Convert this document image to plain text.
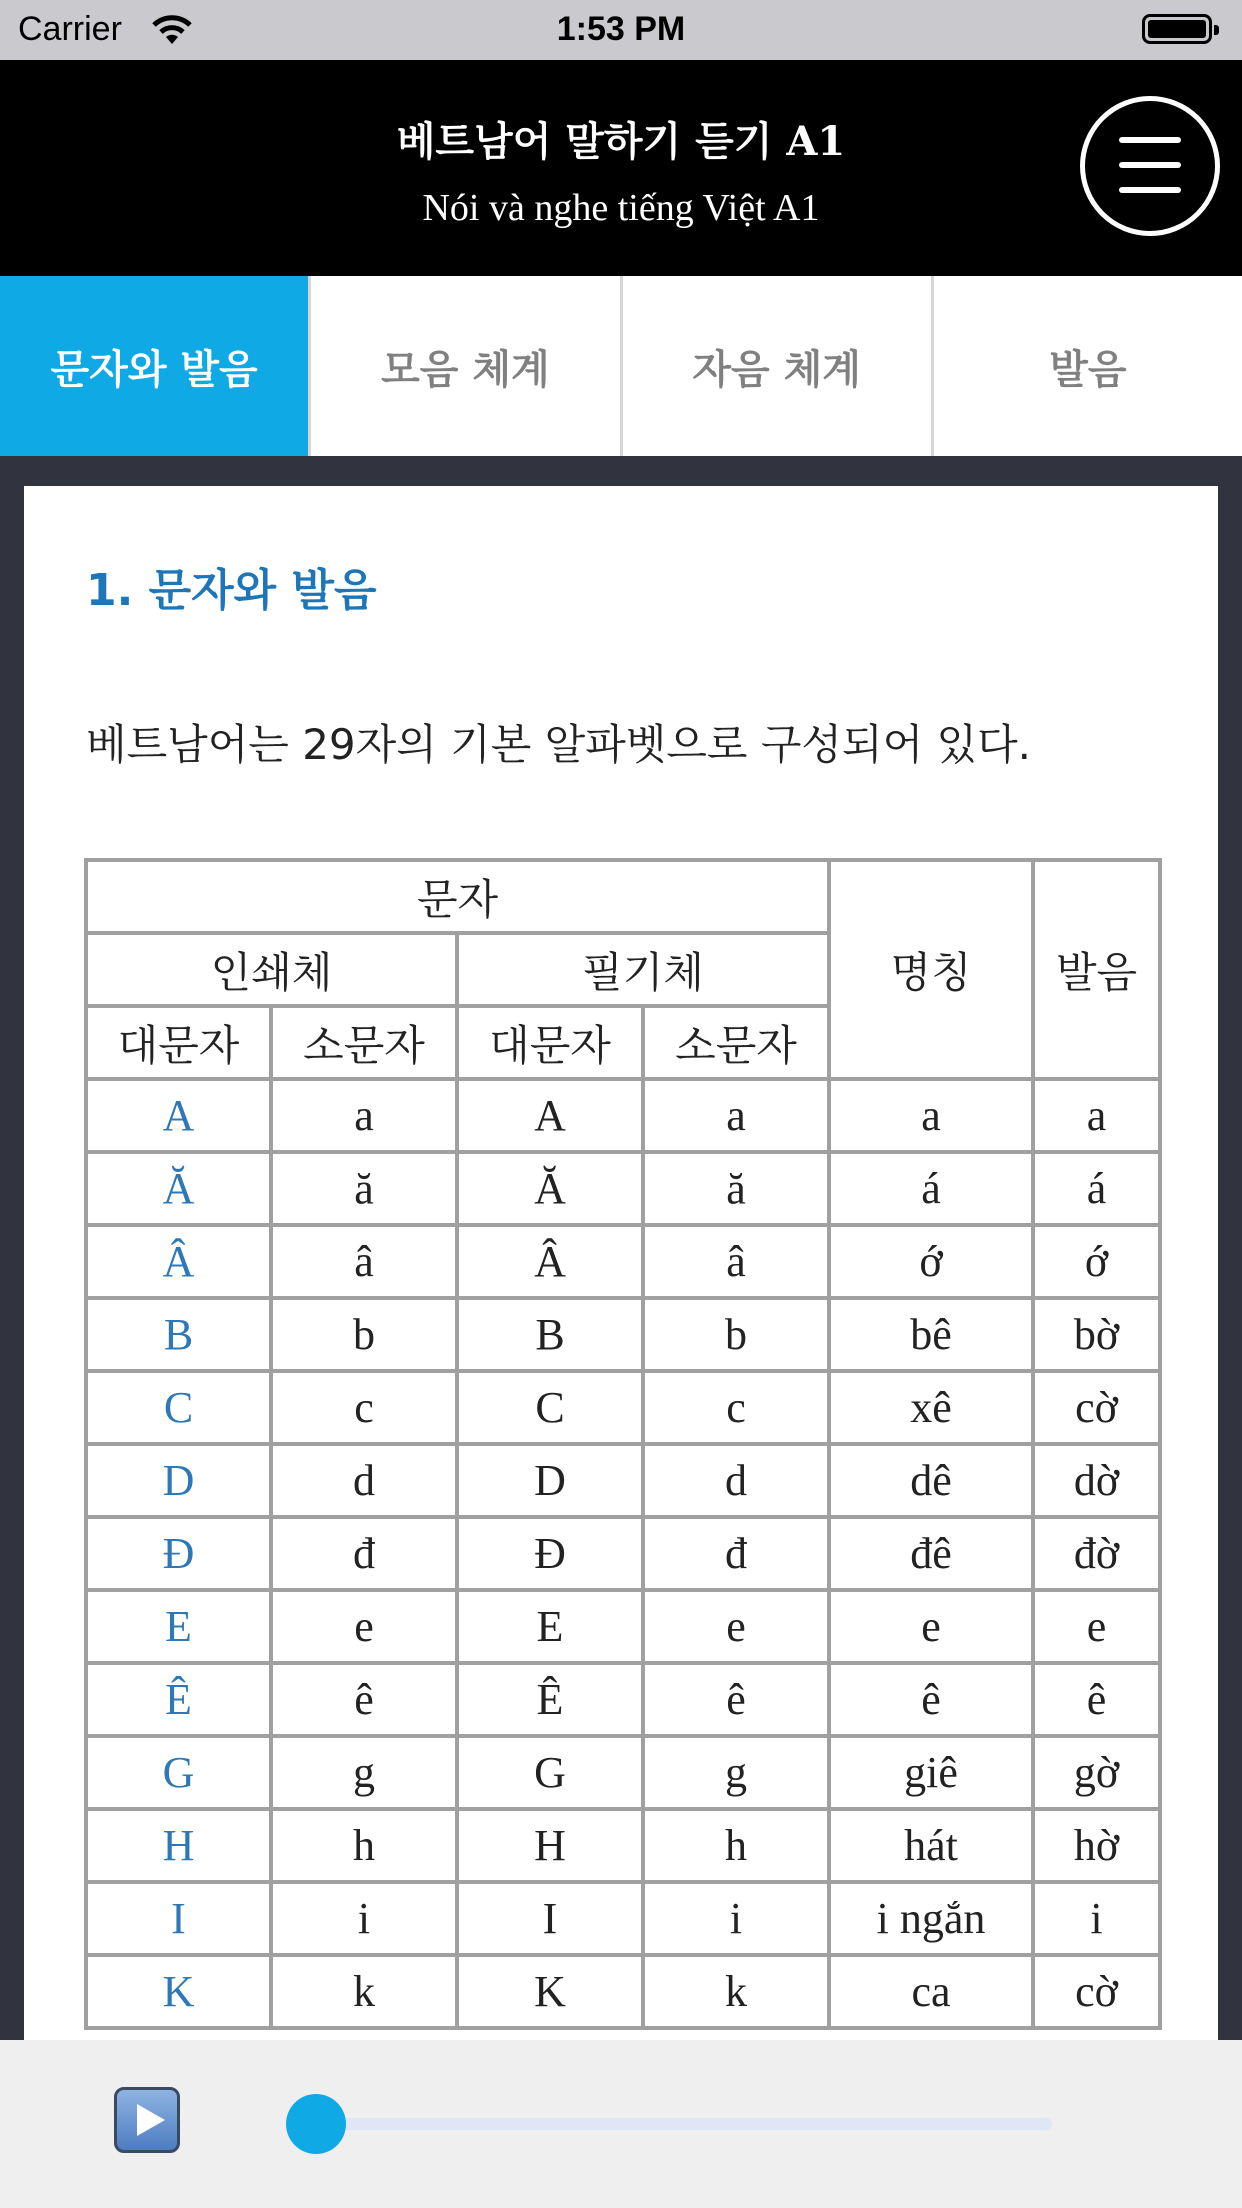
Carrier	1:53 PM
베트남어 말하기 듣기 A1
Nói và nghe tiếng Việt A1
문자와 발음	모음 체계	자음 체계	발음
1. 문자와 발음
베트남어는 29자의 기본 알파벳으로 구성되어 있다.
문자				명칭	발음
인쇄체		필기체			
대문자	소문자	대문자	소문자		
A	a	A	a	a	a
Ă	ă	Ă	ă	á	á
Â	â	Â	â	ớ	ớ
B	b	B	b	bê	bờ
C	c	C	c	xê	cờ
D	d	D	d	dê	dờ
Đ	đ	Đ	đ	đê	đờ
E	e	E	e	e	e
Ê	ê	Ê	ê	ê	ê
G	g	G	g	giê	gờ
H	h	H	h	hát	hờ
I	i	I	i	i ngắn	i
K	k	K	k	ca	cờ
